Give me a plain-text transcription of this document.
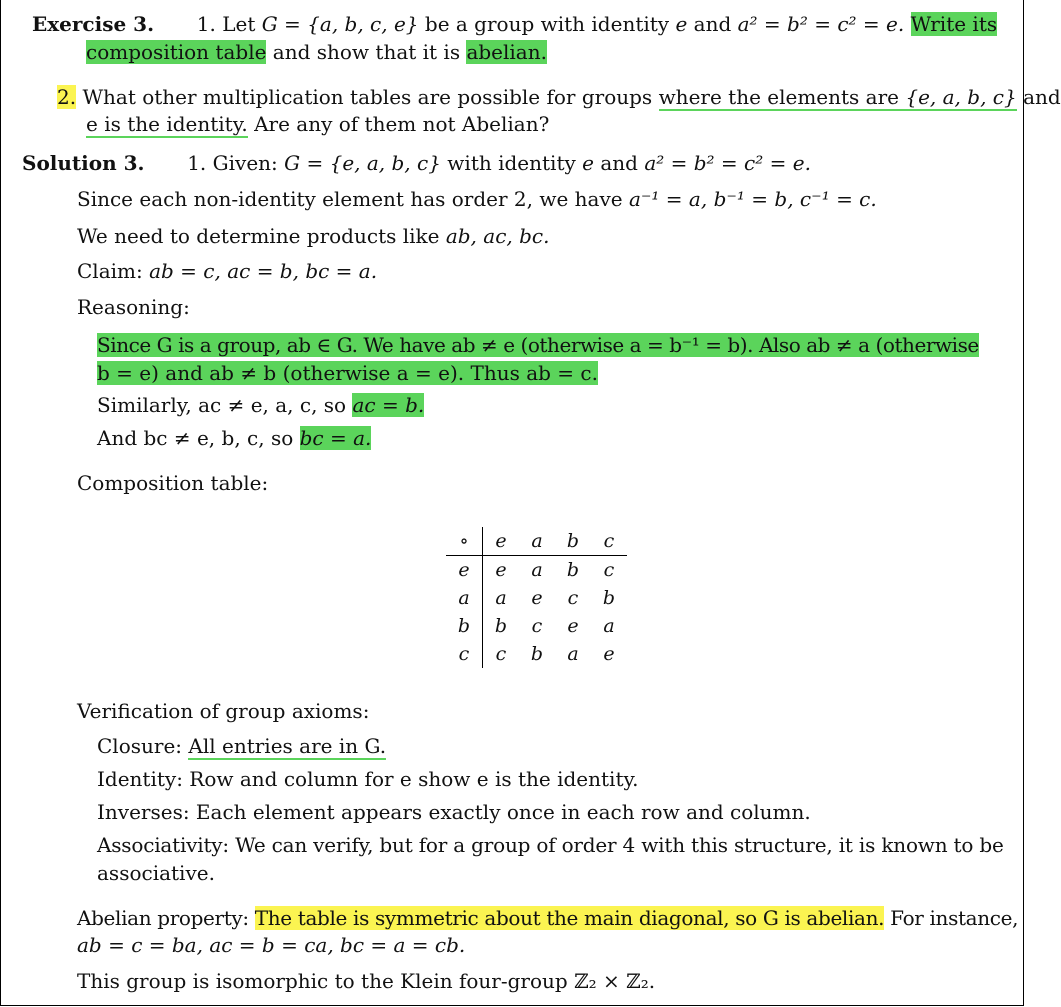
Exercise 3. 1. Let G = {a, b, c, e} be a group with identity e and a² = b² = c² = e. Write its
composition table and show that it is abelian.
2. What other multiplication tables are possible for groups where the elements are {e, a, b, c} and
e is the identity. Are any of them not Abelian?
Solution 3. 1. Given: G = {e, a, b, c} with identity e and a² = b² = c² = e.
Since each non-identity element has order 2, we have a⁻¹ = a, b⁻¹ = b, c⁻¹ = c.
We need to determine products like ab, ac, bc.
Claim: ab = c, ac = b, bc = a.
Reasoning:
Since G is a group, ab ∈ G. We have ab ≠ e (otherwise a = b⁻¹ = b). Also ab ≠ a (otherwise
b = e) and ab ≠ b (otherwise a = e). Thus ab = c.
Similarly, ac ≠ e, a, c, so ac = b.
And bc ≠ e, b, c, so bc = a.
Composition table:
∘	e	a	b	c
e	e	a	b	c
a	a	e	c	b
b	b	c	e	a
c	c	b	a	e
Verification of group axioms:
Closure: All entries are in G.
Identity: Row and column for e show e is the identity.
Inverses: Each element appears exactly once in each row and column.
Associativity: We can verify, but for a group of order 4 with this structure, it is known to be
associative.
Abelian property: The table is symmetric about the main diagonal, so G is abelian. For instance,
ab = c = ba, ac = b = ca, bc = a = cb.
This group is isomorphic to the Klein four-group ℤ₂ × ℤ₂.
